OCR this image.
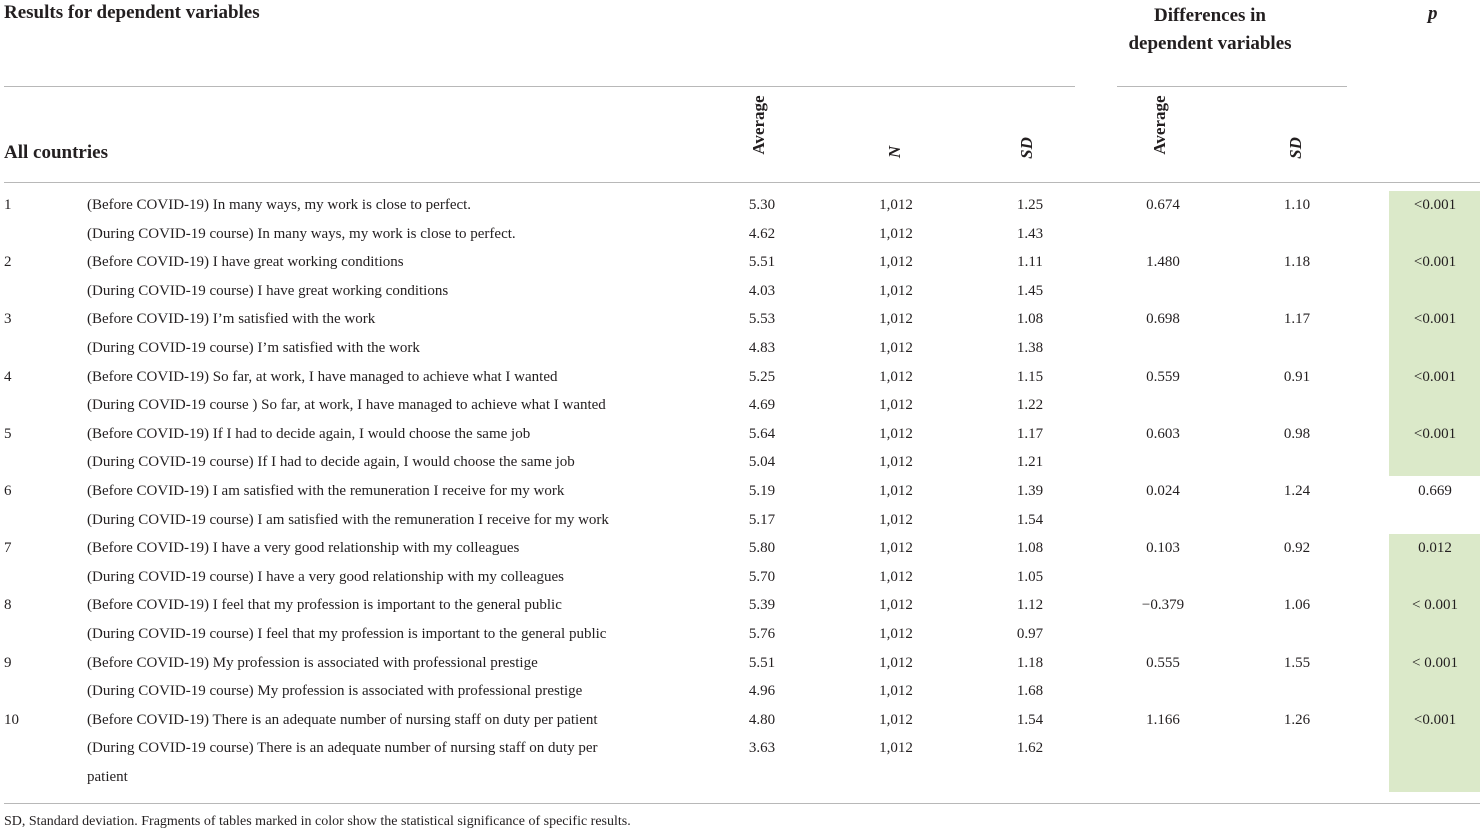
Results for dependent variables	Differences in dependent variables
p
All countries	Average	N	SD	Average	SD
1	(Before COVID-19) In many ways, my work is close to perfect.	5.30	1,012	1.25	0.674	1.10	<0.001
(During COVID-19 course) In many ways, my work is close to perfect.	4.62	1,012	1.43
2	(Before COVID-19) I have great working conditions	5.51	1,012	1.11	1.480	1.18	<0.001
(During COVID-19 course) I have great working conditions	4.03	1,012	1.45
3	(Before COVID-19) I’m satisfied with the work	5.53	1,012	1.08	0.698	1.17	<0.001
(During COVID-19 course) I’m satisfied with the work	4.83	1,012	1.38
4	(Before COVID-19) So far, at work, I have managed to achieve what I wanted	5.25	1,012	1.15	0.559	0.91	<0.001
(During COVID-19 course ) So far, at work, I have managed to achieve what I wanted	4.69	1,012	1.22
5	(Before COVID-19) If I had to decide again, I would choose the same job	5.64	1,012	1.17	0.603	0.98	<0.001
(During COVID-19 course) If I had to decide again, I would choose the same job	5.04	1,012	1.21
6	(Before COVID-19) I am satisfied with the remuneration I receive for my work	5.19	1,012	1.39	0.024	1.24	0.669
(During COVID-19 course) I am satisfied with the remuneration I receive for my work	5.17	1,012	1.54
7	(Before COVID-19) I have a very good relationship with my colleagues	5.80	1,012	1.08	0.103	0.92	0.012
(During COVID-19 course) I have a very good relationship with my colleagues	5.70	1,012	1.05
8	(Before COVID-19) I feel that my profession is important to the general public	5.39	1,012	1.12	−0.379	1.06	< 0.001
(During COVID-19 course) I feel that my profession is important to the general public	5.76	1,012	0.97
9	(Before COVID-19) My profession is associated with professional prestige	5.51	1,012	1.18	0.555	1.55	< 0.001
(During COVID-19 course) My profession is associated with professional prestige	4.96	1,012	1.68
10	(Before COVID-19) There is an adequate number of nursing staff on duty per patient	4.80	1,012	1.54	1.166	1.26	<0.001
(During COVID-19 course) There is an adequate number of nursing staff on duty per	3.63	1,012	1.62
patient
SD, Standard deviation. Fragments of tables marked in color show the statistical significance of specific results.
